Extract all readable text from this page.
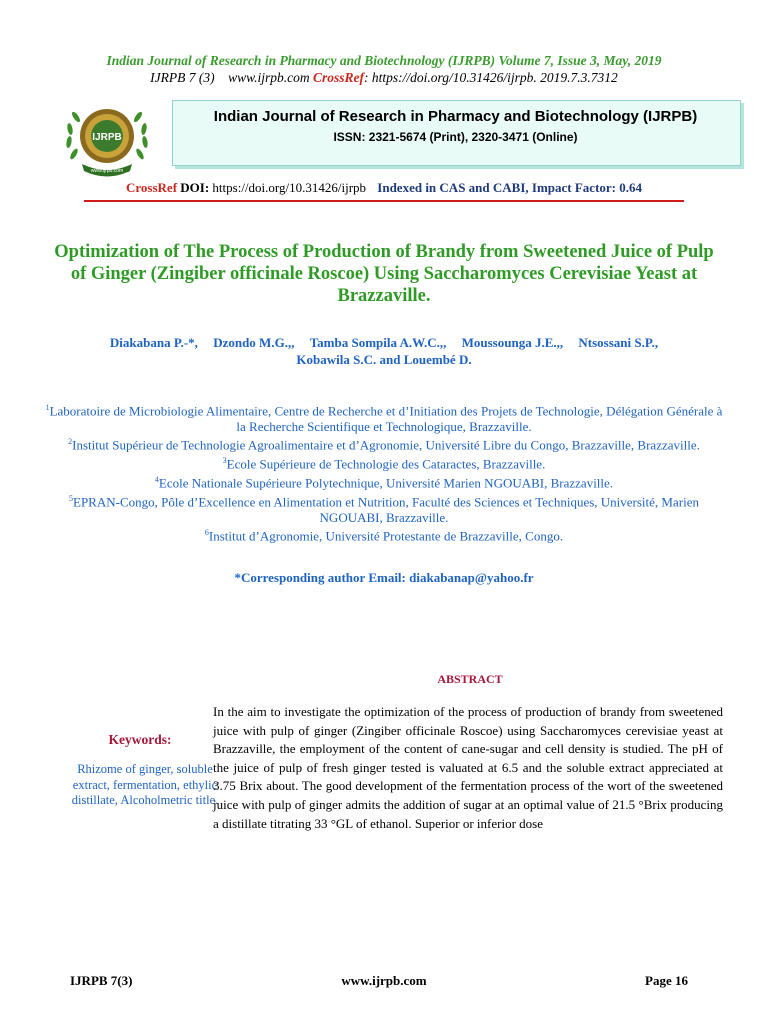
Indian Journal of Research in Pharmacy and Biotechnology (IJRPB) Volume 7, Issue 3, May, 2019
IJRPB 7 (3)    www.ijrpb.com CrossRef: https://doi.org/10.31426/ijrpb. 2019.7.3.7312
Indian Journal of Research in Pharmacy and Biotechnology (IJRPB)
ISSN: 2321-5674 (Print), 2320-3471 (Online)
IJRPB
www.ijrpb.com
CrossRef DOI: https://doi.org/10.31426/ijrpb Indexed in CAS and CABI, Impact Factor: 0.64
Optimization of The Process of Production of Brandy from Sweetened Juice of Pulp of Ginger (Zingiber officinale Roscoe) Using Saccharomyces Cerevisiae Yeast at Brazzaville.
Diakabana P.-*, Dzondo M.G.,, Tamba Sompila A.W.C.,, Moussounga J.E.,, Ntsossani S.P.,
Kobawila S.C. and Louembé D.
$^1$Laboratoire de Microbiologie Alimentaire, Centre de Recherche et d’Initiation des Projets de Technologie, Délégation Générale à la Recherche Scientifique et Technologique, Brazzaville.
$^2$Institut Supérieur de Technologie Agroalimentaire et d’Agronomie, Université Libre du Congo, Brazzaville, Brazzaville.
$^3$Ecole Supérieure de Technologie des Cataractes, Brazzaville.
$^4$Ecole Nationale Supérieure Polytechnique, Université Marien NGOUABI, Brazzaville.
$^5$EPRAN-Congo, Pôle d’Excellence en Alimentation et Nutrition, Faculté des Sciences et Techniques, Université, Marien NGOUABI, Brazzaville.
$^6$Institut d’Agronomie, Université Protestante de Brazzaville, Congo.
*Corresponding author Email: diakabanap@yahoo.fr
ABSTRACT
Keywords:
Rhizome of ginger, soluble extract, fermentation, ethylic distillate, Alcoholmetric title.
In the aim to investigate the optimization of the process of production of brandy from sweetened juice with pulp of ginger (Zingiber officinale Roscoe) using Saccharomyces cerevisiae yeast at Brazzaville, the employment of the content of cane-sugar and cell density is studied. The pH of the juice of pulp of fresh ginger tested is valuated at 6.5 and the soluble extract appreciated at 3.75 Brix about. The good development of the fermentation process of the wort of the sweetened juice with pulp of ginger admits the addition of sugar at an optimal value of 21.5 °Brix producing a distillate titrating 33 °GL of ethanol. Superior or inferior dose
IJRPB 7(3)	www.ijrpb.com	Page 16
